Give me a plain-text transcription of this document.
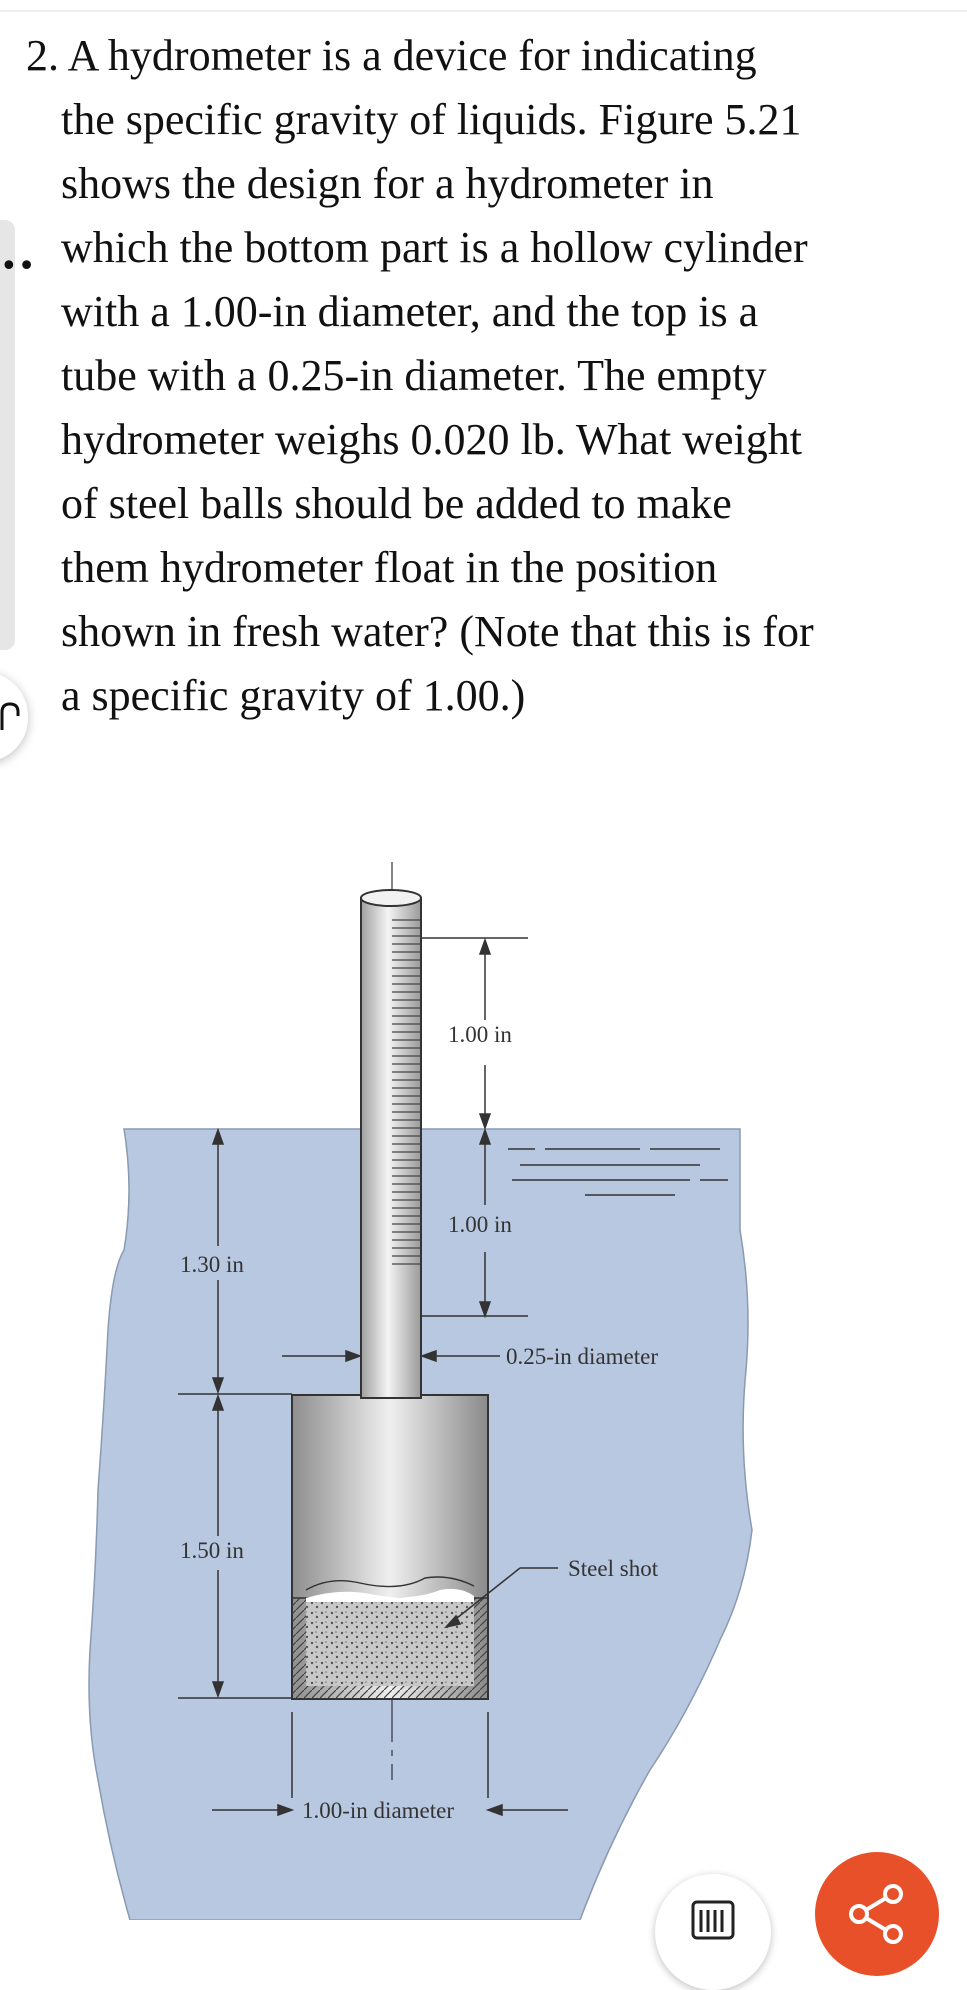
••
2. A hydrometer is a device for indicating
the specific gravity of liquids. Figure 5.21
shows the design for a hydrometer in
which the bottom part is a hollow cylinder
with a 1.00-in diameter, and the top is a
tube with a 0.25-in diameter. The empty
hydrometer weighs 0.020 lb. What weight
of steel balls should be added to make
them hydrometer float in the position
shown in fresh water? (Note that this is for
a specific gravity of 1.00.)
1.00 in
1.00 in
1.30 in
1.50 in
0.25-in diameter
Steel shot
1.00-in diameter
